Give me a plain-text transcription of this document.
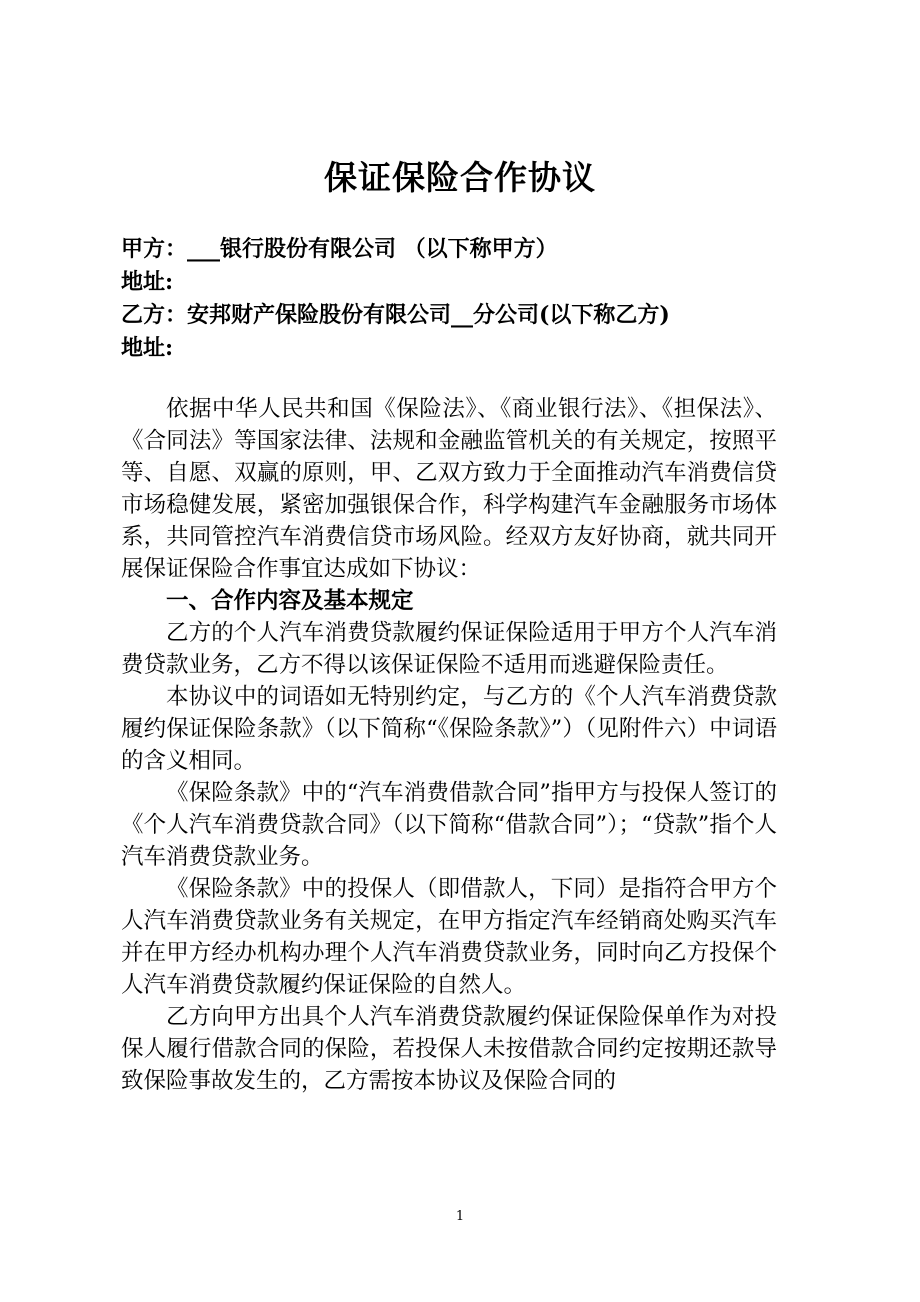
保证保险合作协议
甲方：___银行股份有限公司 （以下称甲方）
地址:
乙方：安邦财产保险股份有限公司__分公司(以下称乙方)
地址:

依据中华人民共和国《保险法》、《商业银行法》、《担保法》、《合同法》等国家法律、法规和金融监管机关的有关规定，按照平等、自愿、双赢的原则，甲、乙双方致力于全面推动汽车消费信贷市场稳健发展，紧密加强银保合作，科学构建汽车金融服务市场体系，共同管控汽车消费信贷市场风险。经双方友好协商，就共同开展保证保险合作事宜达成如下协议：

一、合作内容及基本规定

乙方的个人汽车消费贷款履约保证保险适用于甲方个人汽车消费贷款业务，乙方不得以该保证保险不适用而逃避保险责任。

本协议中的词语如无特别约定，与乙方的《个人汽车消费贷款履约保证保险条款》（以下简称“《保险条款》”）（见附件六）中词语的含义相同。

《保险条款》中的“汽车消费借款合同”指甲方与投保人签订的《个人汽车消费贷款合同》（以下简称“借款合同”）；“贷款”指个人汽车消费贷款业务。

《保险条款》中的投保人（即借款人，下同）是指符合甲方个人汽车消费贷款业务有关规定，在甲方指定汽车经销商处购买汽车并在甲方经办机构办理个人汽车消费贷款业务，同时向乙方投保个人汽车消费贷款履约保证保险的自然人。

乙方向甲方出具个人汽车消费贷款履约保证保险保单作为对投保人履行借款合同的保险，若投保人未按借款合同约定按期还款导致保险事故发生的，乙方需按本协议及保险合同的

1
